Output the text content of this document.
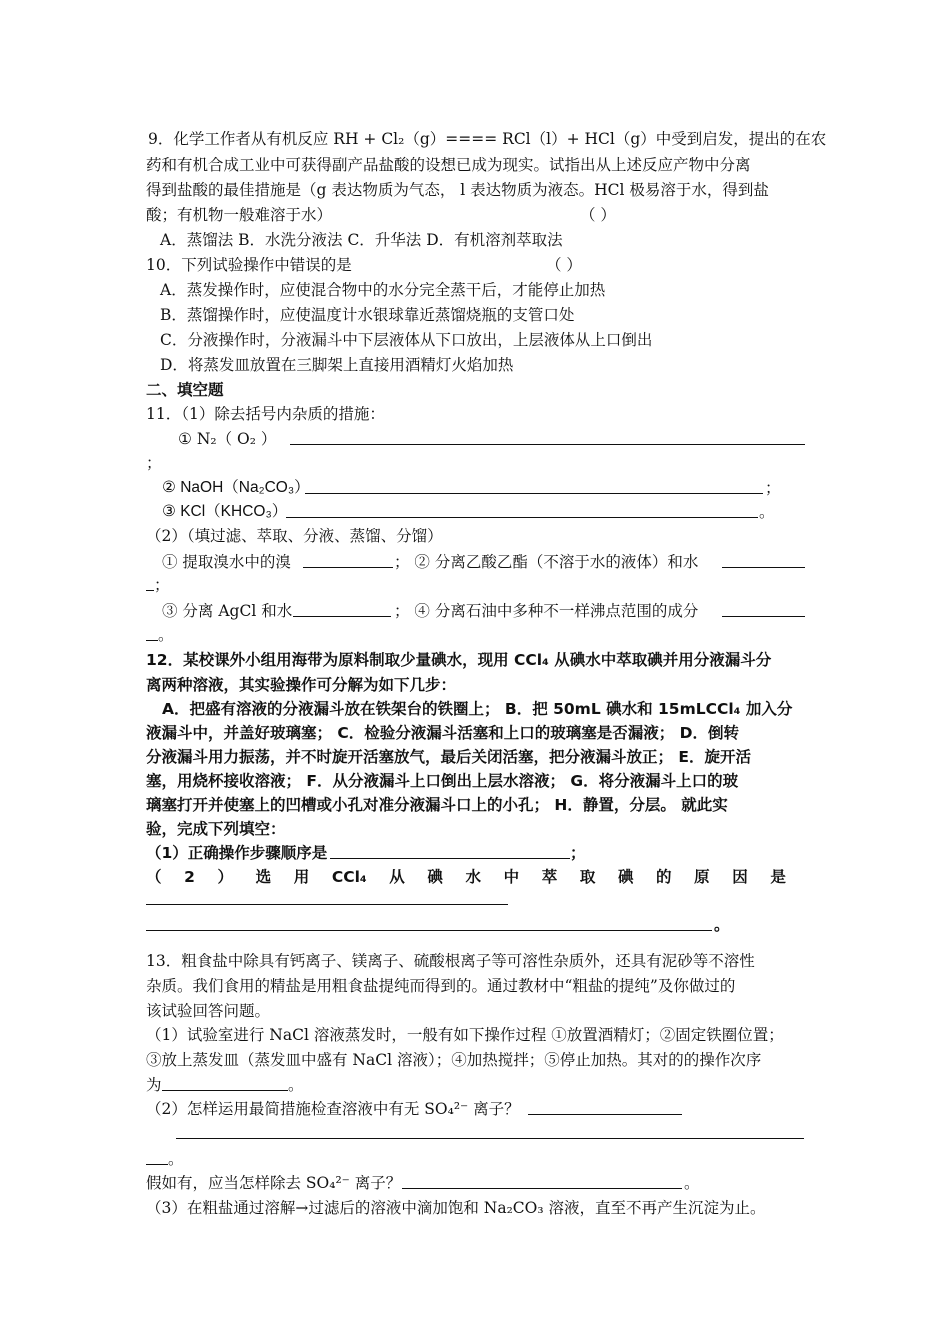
9．化学工作者从有机反应 RH + Cl₂（g）==== RCl（l）+ HCl（g）中受到启发，提出的在农
药和有机合成工业中可获得副产品盐酸的设想已成为现实。试指出从上述反应产物中分离
得到盐酸的最佳措施是（g 表达物质为气态， l 表达物质为液态。HCl 极易溶于水，得到盐
酸；有机物一般难溶于水）	（ ）
A．蒸馏法 B．水洗分液法 C．升华法 D．有机溶剂萃取法
10．下列试验操作中错误的是	（ ）
A．蒸发操作时，应使混合物中的水分完全蒸干后，才能停止加热
B．蒸馏操作时，应使温度计水银球靠近蒸馏烧瓶的支管口处
C．分液操作时，分液漏斗中下层液体从下口放出，上层液体从上口倒出
D．将蒸发皿放置在三脚架上直接用酒精灯火焰加热
二、填空题
11．（1）除去括号内杂质的措施：
① N₂（ O₂ ）
；
② NaOH（Na₂CO₃）	；
③ KCl（KHCO₃）	。
（2）（填过滤、萃取、分液、蒸馏、分馏）
① 提取溴水中的溴	； ② 分离乙酸乙酯（不溶于水的液体）和水
；
③ 分离 AgCl 和水	； ④ 分离石油中多种不一样沸点范围的成分
。
12．某校课外小组用海带为原料制取少量碘水，现用 CCl₄ 从碘水中萃取碘并用分液漏斗分
离两种溶液，其实验操作可分解为如下几步：
A．把盛有溶液的分液漏斗放在铁架台的铁圈上； B．把 50mL 碘水和 15mLCCl₄ 加入分
液漏斗中，并盖好玻璃塞； C．检验分液漏斗活塞和上口的玻璃塞是否漏液； D．倒转
分液漏斗用力振荡，并不时旋开活塞放气，最后关闭活塞，把分液漏斗放正； E．旋开活
塞，用烧杯接收溶液； F．从分液漏斗上口倒出上层水溶液； G．将分液漏斗上口的玻
璃塞打开并使塞上的凹槽或小孔对准分液漏斗口上的小孔； H．静置，分层。 就此实
验，完成下列填空：
（1）正确操作步骤顺序是	；
（ 2 ） 选 用 CCl₄ 从 碘 水 中 萃 取 碘 的 原 因 是
。
13．粗食盐中除具有钙离子、镁离子、硫酸根离子等可溶性杂质外，还具有泥砂等不溶性
杂质。我们食用的精盐是用粗食盐提纯而得到的。通过教材中“粗盐的提纯”及你做过的
该试验回答问题。
（1）试验室进行 NaCl 溶液蒸发时，一般有如下操作过程 ①放置酒精灯；②固定铁圈位置；
③放上蒸发皿（蒸发皿中盛有 NaCl 溶液）；④加热搅拌；⑤停止加热。其对的的操作次序
为	。
（2）怎样运用最简措施检查溶液中有无 SO₄²⁻ 离子？
。
假如有，应当怎样除去 SO₄²⁻ 离子？	。
（3）在粗盐通过溶解→过滤后的溶液中滴加饱和 Na₂CO₃ 溶液，直至不再产生沉淀为止。
